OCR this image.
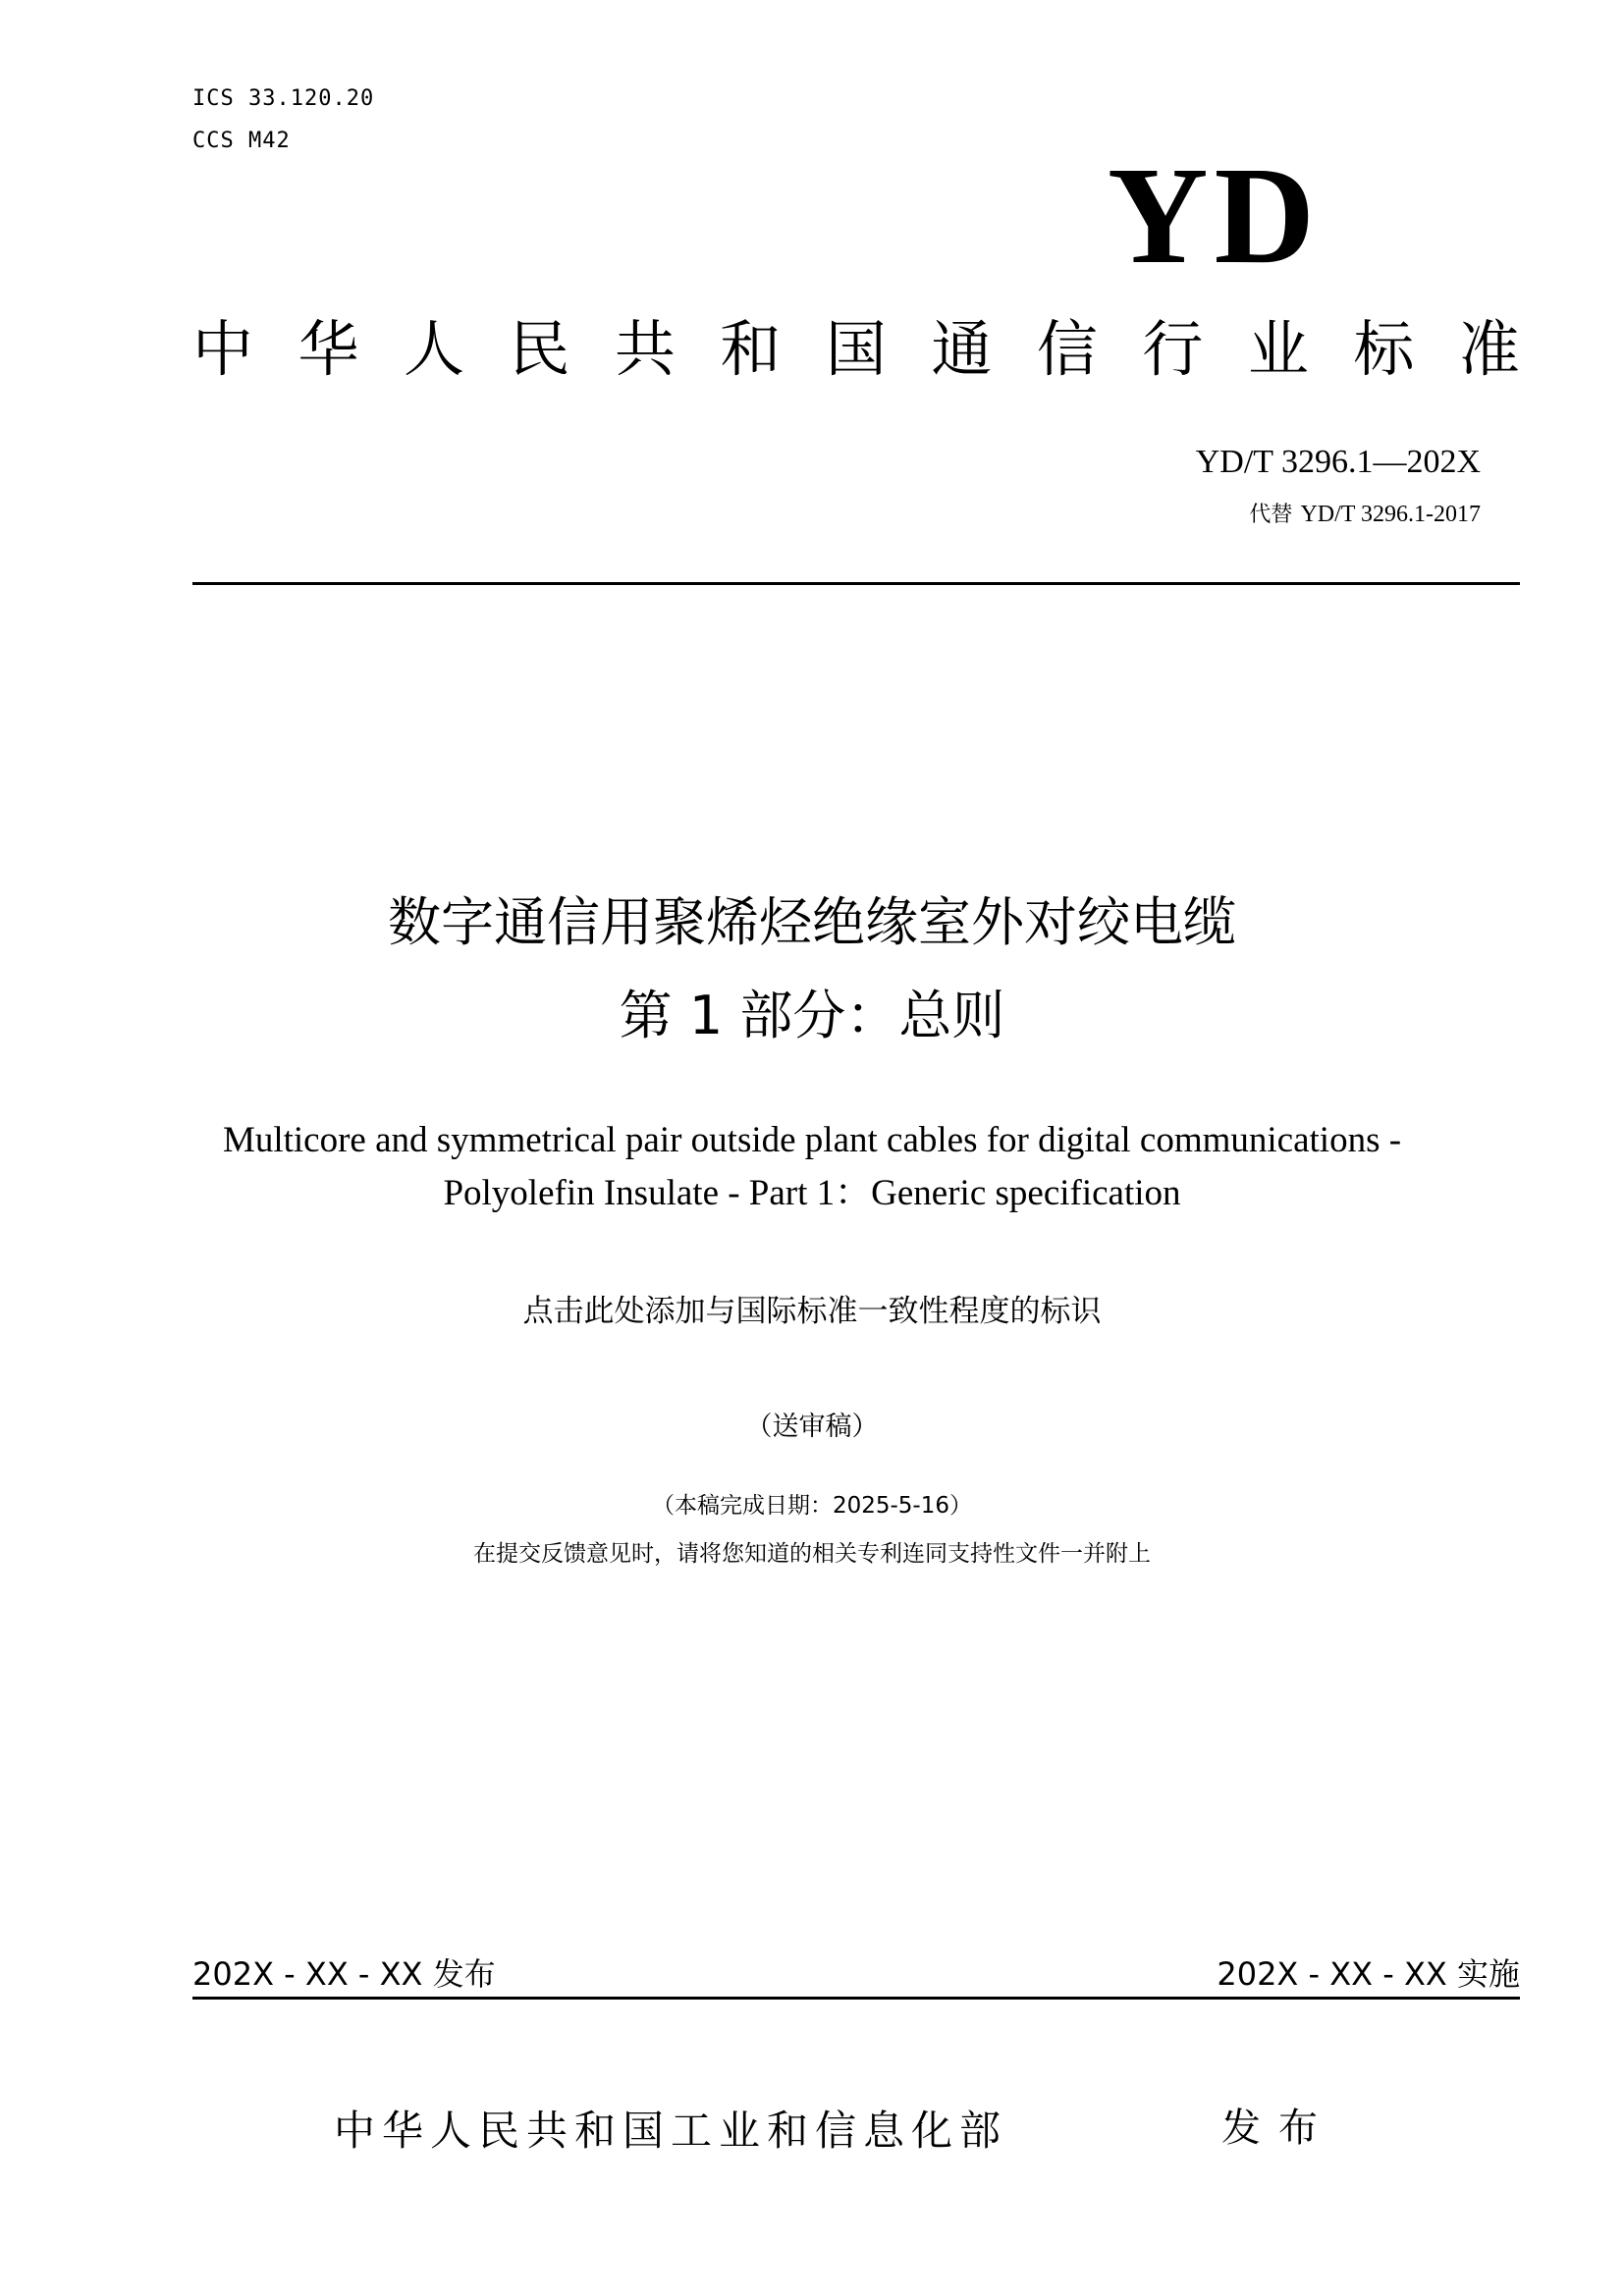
ICS 33.120.20
CCS M42	YD
中 华 人 民 共 和 国 通 信 行 业 标 准
YD/T 3296.1—202X
代替 YD/T 3296.1-2017
数字通信用聚烯烃绝缘室外对绞电缆
第 1 部分：总则
Multicore and symmetrical pair outside plant cables for digital communications -
Polyolefin Insulate - Part 1：Generic specification
点击此处添加与国际标准一致性程度的标识
（送审稿）
（本稿完成日期：2025-5-16）
在提交反馈意见时，请将您知道的相关专利连同支持性文件一并附上
202X - XX - XX 发布	202X - XX - XX 实施
中华人民共和国工业和信息化部	发布
